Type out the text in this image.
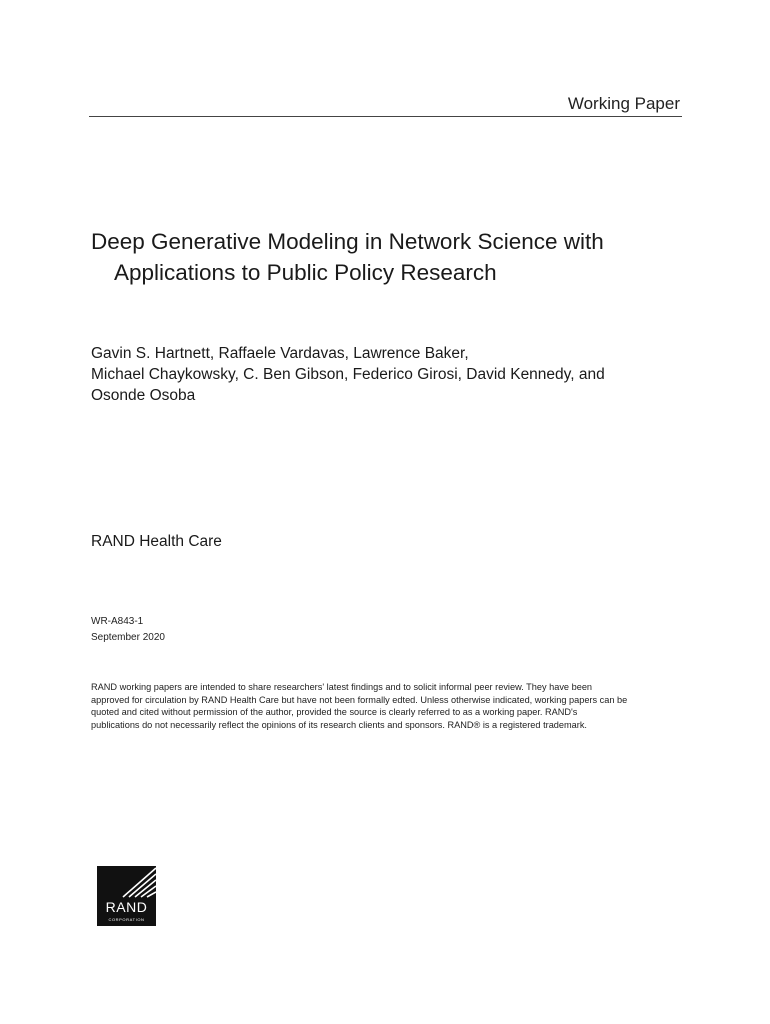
Working Paper
Deep Generative Modeling in Network Science with
Applications to Public Policy Research
Gavin S. Hartnett, Raffaele Vardavas, Lawrence Baker,
Michael Chaykowsky, C. Ben Gibson, Federico Girosi, David Kennedy, and
Osonde Osoba
RAND Health Care
WR-A843-1
September 2020
RAND working papers are intended to share researchers' latest findings and to solicit informal peer review. They have been
approved for circulation by RAND Health Care but have not been formally edted. Unless otherwise indicated, working papers can be
quoted and cited without permission of the author, provided the source is clearly referred to as a working paper. RAND's
publications do not necessarily reflect the opinions of its research clients and sponsors. RAND® is a registered trademark.
RAND
CORPORATION
